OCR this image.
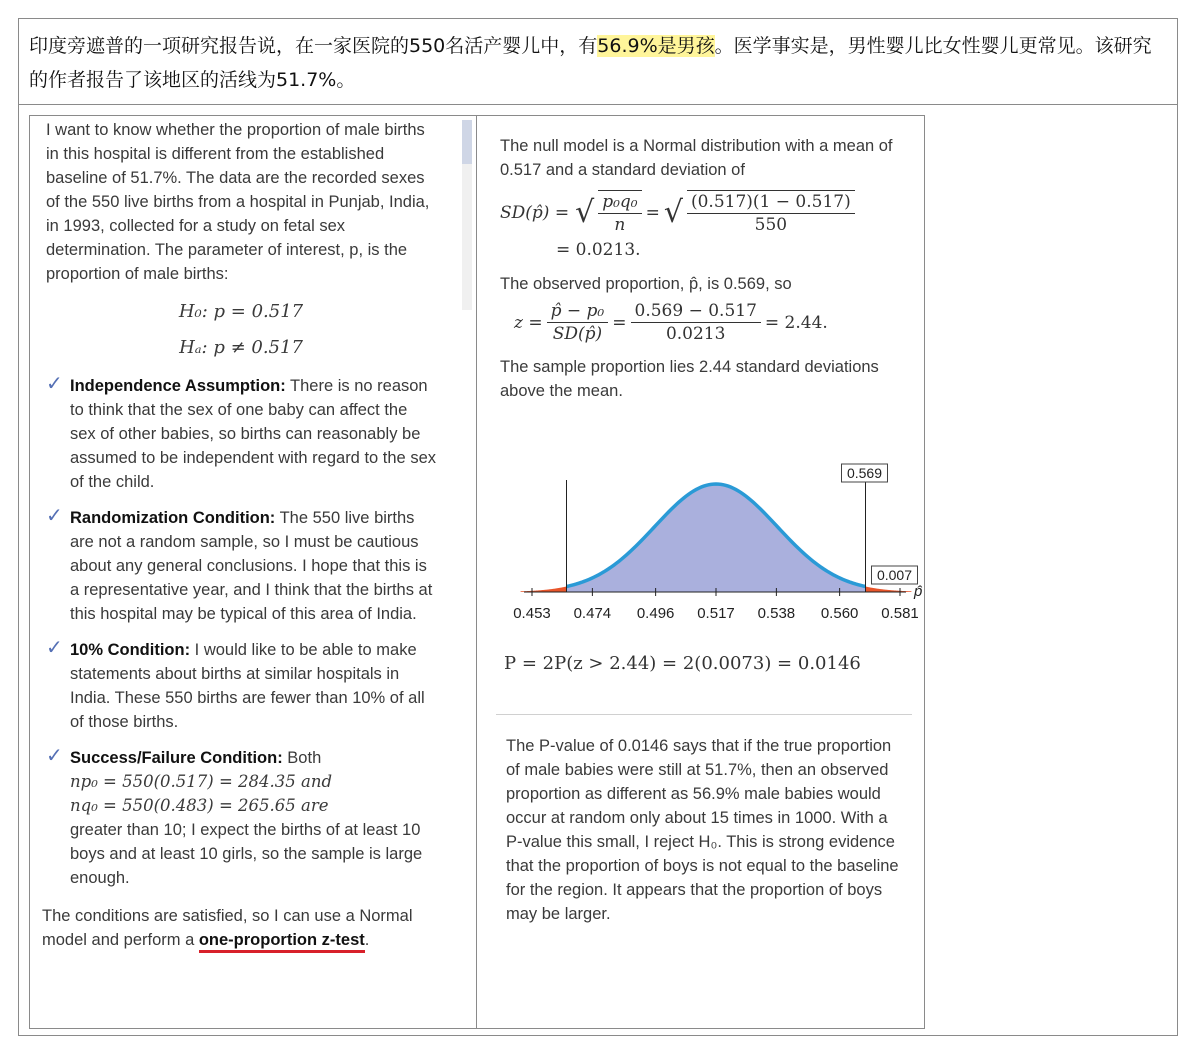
印度旁遮普的一项研究报告说，在一家医院的550名活产婴儿中，有56.9%是男孩。医学事实是，男性婴儿比女性婴儿更常见。该研究的作者报告了该地区的活线为51.7%。
I want to know whether the proportion of male births in this hospital is different from the established baseline of 51.7%. The data are the recorded sexes of the 550 live births from a hospital in Punjab, India, in 1993, collected for a study on fetal sex determination. The parameter of interest, p, is the proportion of male births:
H₀: p = 0.517
Hₐ: p ≠ 0.517
✓ Independence Assumption: There is no reason to think that the sex of one baby can affect the sex of other babies, so births can reasonably be assumed to be independent with regard to the sex of the child.
✓ Randomization Condition: The 550 live births are not a random sample, so I must be cautious about any general conclusions. I hope that this is a representative year, and I think that the births at this hospital may be typical of this area of India.
✓ 10% Condition: I would like to be able to make statements about births at similar hospitals in India. These 550 births are fewer than 10% of all of those births.
✓ Success/Failure Condition: Both
np₀ = 550(0.517) = 284.35 and
nq₀ = 550(0.483) = 265.65 are
greater than 10; I expect the births of at least 10 boys and at least 10 girls, so the sample is large enough.
The conditions are satisfied, so I can use a Normal model and perform a one-proportion z-test.
The null model is a Normal distribution with a mean of 0.517 and a standard deviation of
SD(p̂) = √ $\frac{\text{p₀q₀}}{n}$ = √ $\frac{(0.517)(1 - 0.517)}{550}$
= 0.0213.
The observed proportion, p̂, is 0.569, so
$z = \frac{\text{p̂ − p₀}}{SD(p̂)} = \frac{0.569 - 0.517}{0.0213} = 2.44$.
The sample proportion lies 2.44 standard deviations above the mean.
0.453 0.474 0.496 0.517 0.538 0.560 0.581
0.569
0.007
p̂
P = 2P(z > 2.44) = 2(0.0073) = 0.0146
The P-value of 0.0146 says that if the true proportion of male babies were still at 51.7%, then an observed proportion as different as 56.9% male babies would occur at random only about 15 times in 1000. With a P-value this small, I reject H₀. This is strong evidence that the proportion of boys is not equal to the baseline for the region. It appears that the proportion of boys may be larger.
